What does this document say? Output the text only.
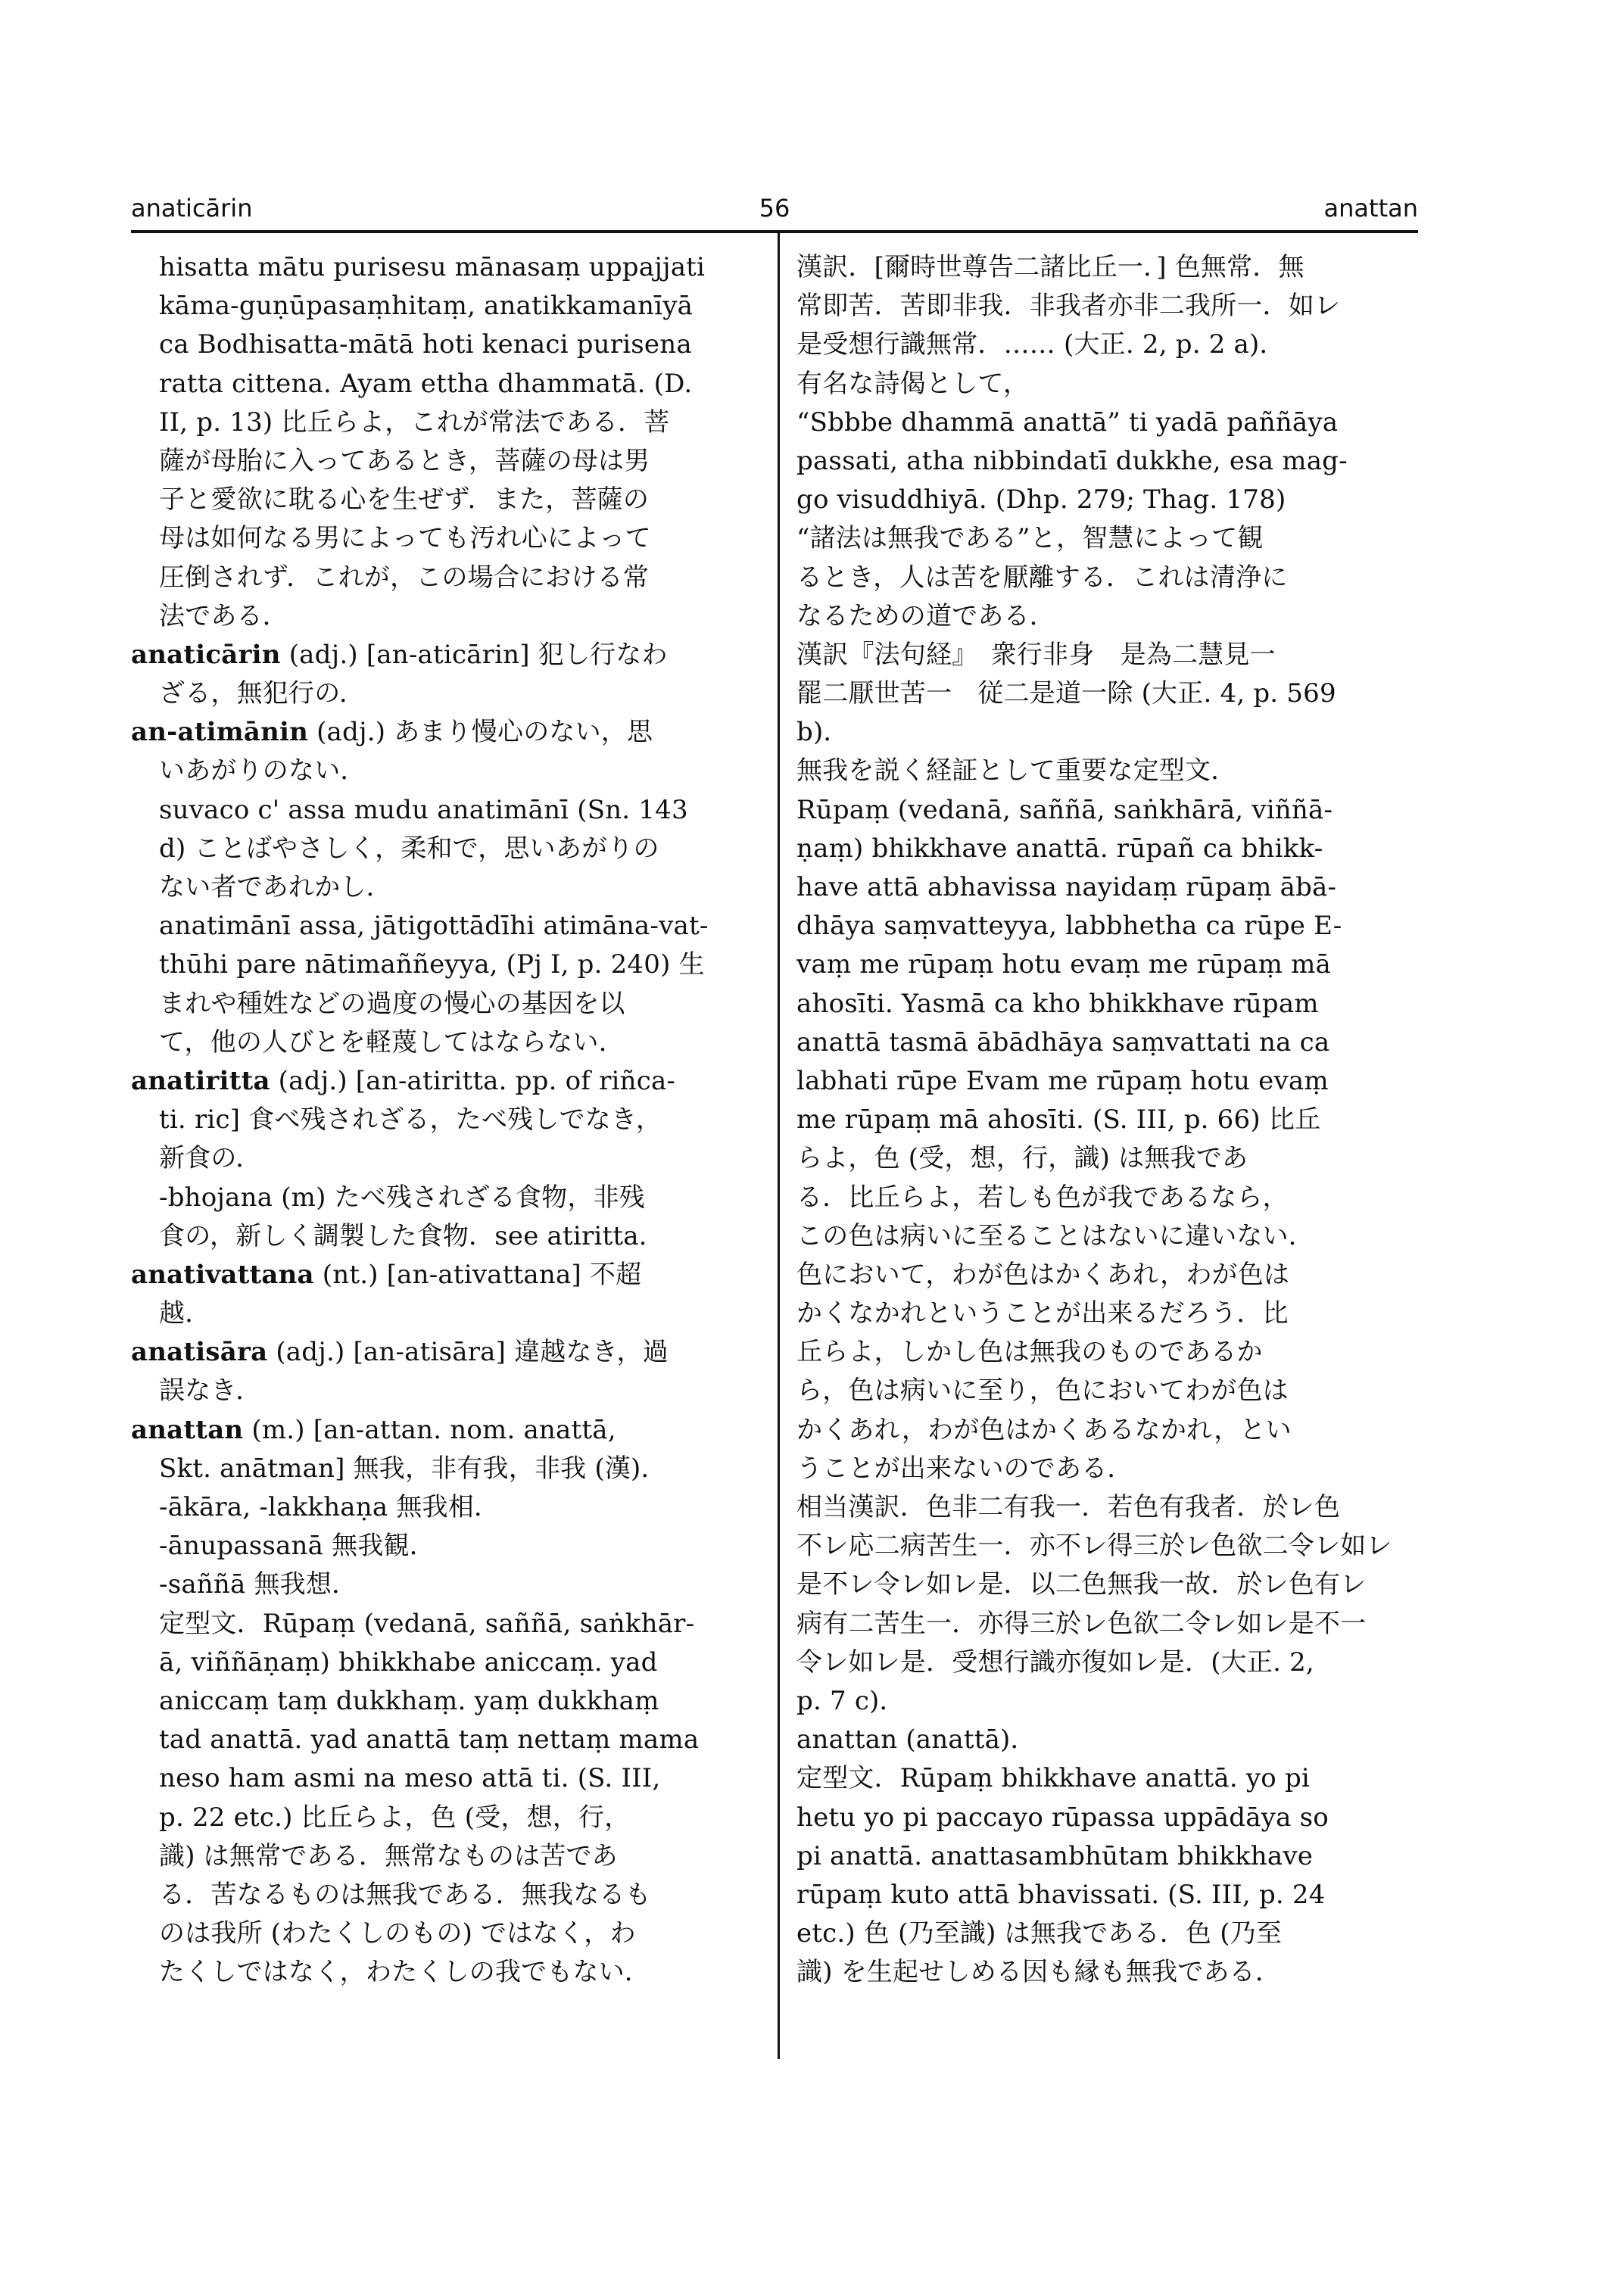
anaticārin	56	anattan
hisatta mātu purisesu mānasaṃ uppajjati
kāma-guṇūpasaṃhitaṃ, anatikkamanīyā
ca Bodhisatta-mātā hoti kenaci purisena
ratta cittena. Ayam ettha dhammatā. (D.
II, p. 13) 比丘らよ，これが常法である．菩
薩が母胎に入ってあるとき，菩薩の母は男
子と愛欲に耽る心を生ぜず．また，菩薩の
母は如何なる男によっても汚れ心によって
圧倒されず．これが，この場合における常
法である．
anaticārin (adj.) [an-aticārin] 犯し行なわ
ざる，無犯行の．
an-atimānin (adj.) あまり慢心のない，思
いあがりのない．
suvaco c' assa mudu anatimānī (Sn. 143
d) ことばやさしく，柔和で，思いあがりの
ない者であれかし．
anatimānī assa, jātigottādīhi atimāna-vat-
thūhi pare nātimaññeyya, (Pj I, p. 240) 生
まれや種姓などの過度の慢心の基因を以
て，他の人びとを軽蔑してはならない．
anatiritta (adj.) [an-atiritta. pp. of riñca-
ti. ric] 食べ残されざる，たべ残しでなき，
新食の．
-bhojana (m) たべ残されざる食物，非残
食の，新しく調製した食物．see atiritta.
anativattana (nt.) [an-ativattana] 不超
越．
anatisāra (adj.) [an-atisāra] 違越なき，過
誤なき．
anattan (m.) [an-attan. nom. anattā,
Skt. anātman] 無我，非有我，非我 (漢)．
-ākāra, -lakkhaṇa 無我相．
-ānupassanā 無我観．
-saññā 無我想．
定型文．Rūpaṃ (vedanā, saññā, saṅkhār-
ā, viññāṇaṃ) bhikkhabe aniccaṃ. yad
aniccaṃ taṃ dukkhaṃ. yaṃ dukkhaṃ
tad anattā. yad anattā taṃ nettaṃ mama
neso ham asmi na meso attā ti. (S. III,
p. 22 etc.) 比丘らよ，色 (受，想，行，
識) は無常である．無常なものは苦であ
る．苦なるものは無我である．無我なるも
のは我所 (わたくしのもの) ではなく，わ
たくしではなく，わたくしの我でもない．
漢訳．[爾時世尊告二諸比丘一．] 色無常．無
常即苦．苦即非我．非我者亦非二我所一．如レ
是受想行識無常．…… (大正. 2, p. 2 a)．
有名な詩偈として，
“Sbbbe dhammā anattā” ti yadā paññāya
passati, atha nibbindatī dukkhe, esa mag-
go visuddhiyā. (Dhp. 279; Thag. 178)
“諸法は無我である”と，智慧によって観
るとき，人は苦を厭離する．これは清浄に
なるための道である．
漢訳『法句経』　衆行非身　是為二慧見一
罷二厭世苦一　従二是道一除 (大正. 4, p. 569
b)．
無我を説く経証として重要な定型文．
Rūpaṃ (vedanā, saññā, saṅkhārā, viññā-
ṇaṃ) bhikkhave anattā. rūpañ ca bhikk-
have attā abhavissa nayidaṃ rūpaṃ ābā-
dhāya saṃvatteyya, labbhetha ca rūpe E-
vaṃ me rūpaṃ hotu evaṃ me rūpaṃ mā
ahosīti. Yasmā ca kho bhikkhave rūpam
anattā tasmā ābādhāya saṃvattati na ca
labhati rūpe Evam me rūpaṃ hotu evaṃ
me rūpaṃ mā ahosīti. (S. III, p. 66) 比丘
らよ，色 (受，想，行，識) は無我であ
る．比丘らよ，若しも色が我であるなら，
この色は病いに至ることはないに違いない．
色において，わが色はかくあれ，わが色は
かくなかれということが出来るだろう．比
丘らよ，しかし色は無我のものであるか
ら，色は病いに至り，色においてわが色は
かくあれ，わが色はかくあるなかれ，とい
うことが出来ないのである．
相当漢訳．色非二有我一．若色有我者．於レ色
不レ応二病苦生一．亦不レ得三於レ色欲二令レ如レ
是不レ令レ如レ是．以二色無我一故．於レ色有レ
病有二苦生一．亦得三於レ色欲二令レ如レ是不一
令レ如レ是．受想行識亦復如レ是．(大正. 2,
p. 7 c)．
anattan (anattā)．
定型文．Rūpaṃ bhikkhave anattā. yo pi
hetu yo pi paccayo rūpassa uppādāya so
pi anattā. anattasambhūtam bhikkhave
rūpaṃ kuto attā bhavissati. (S. III, p. 24
etc.) 色 (乃至識) は無我である．色 (乃至
識) を生起せしめる因も縁も無我である．
